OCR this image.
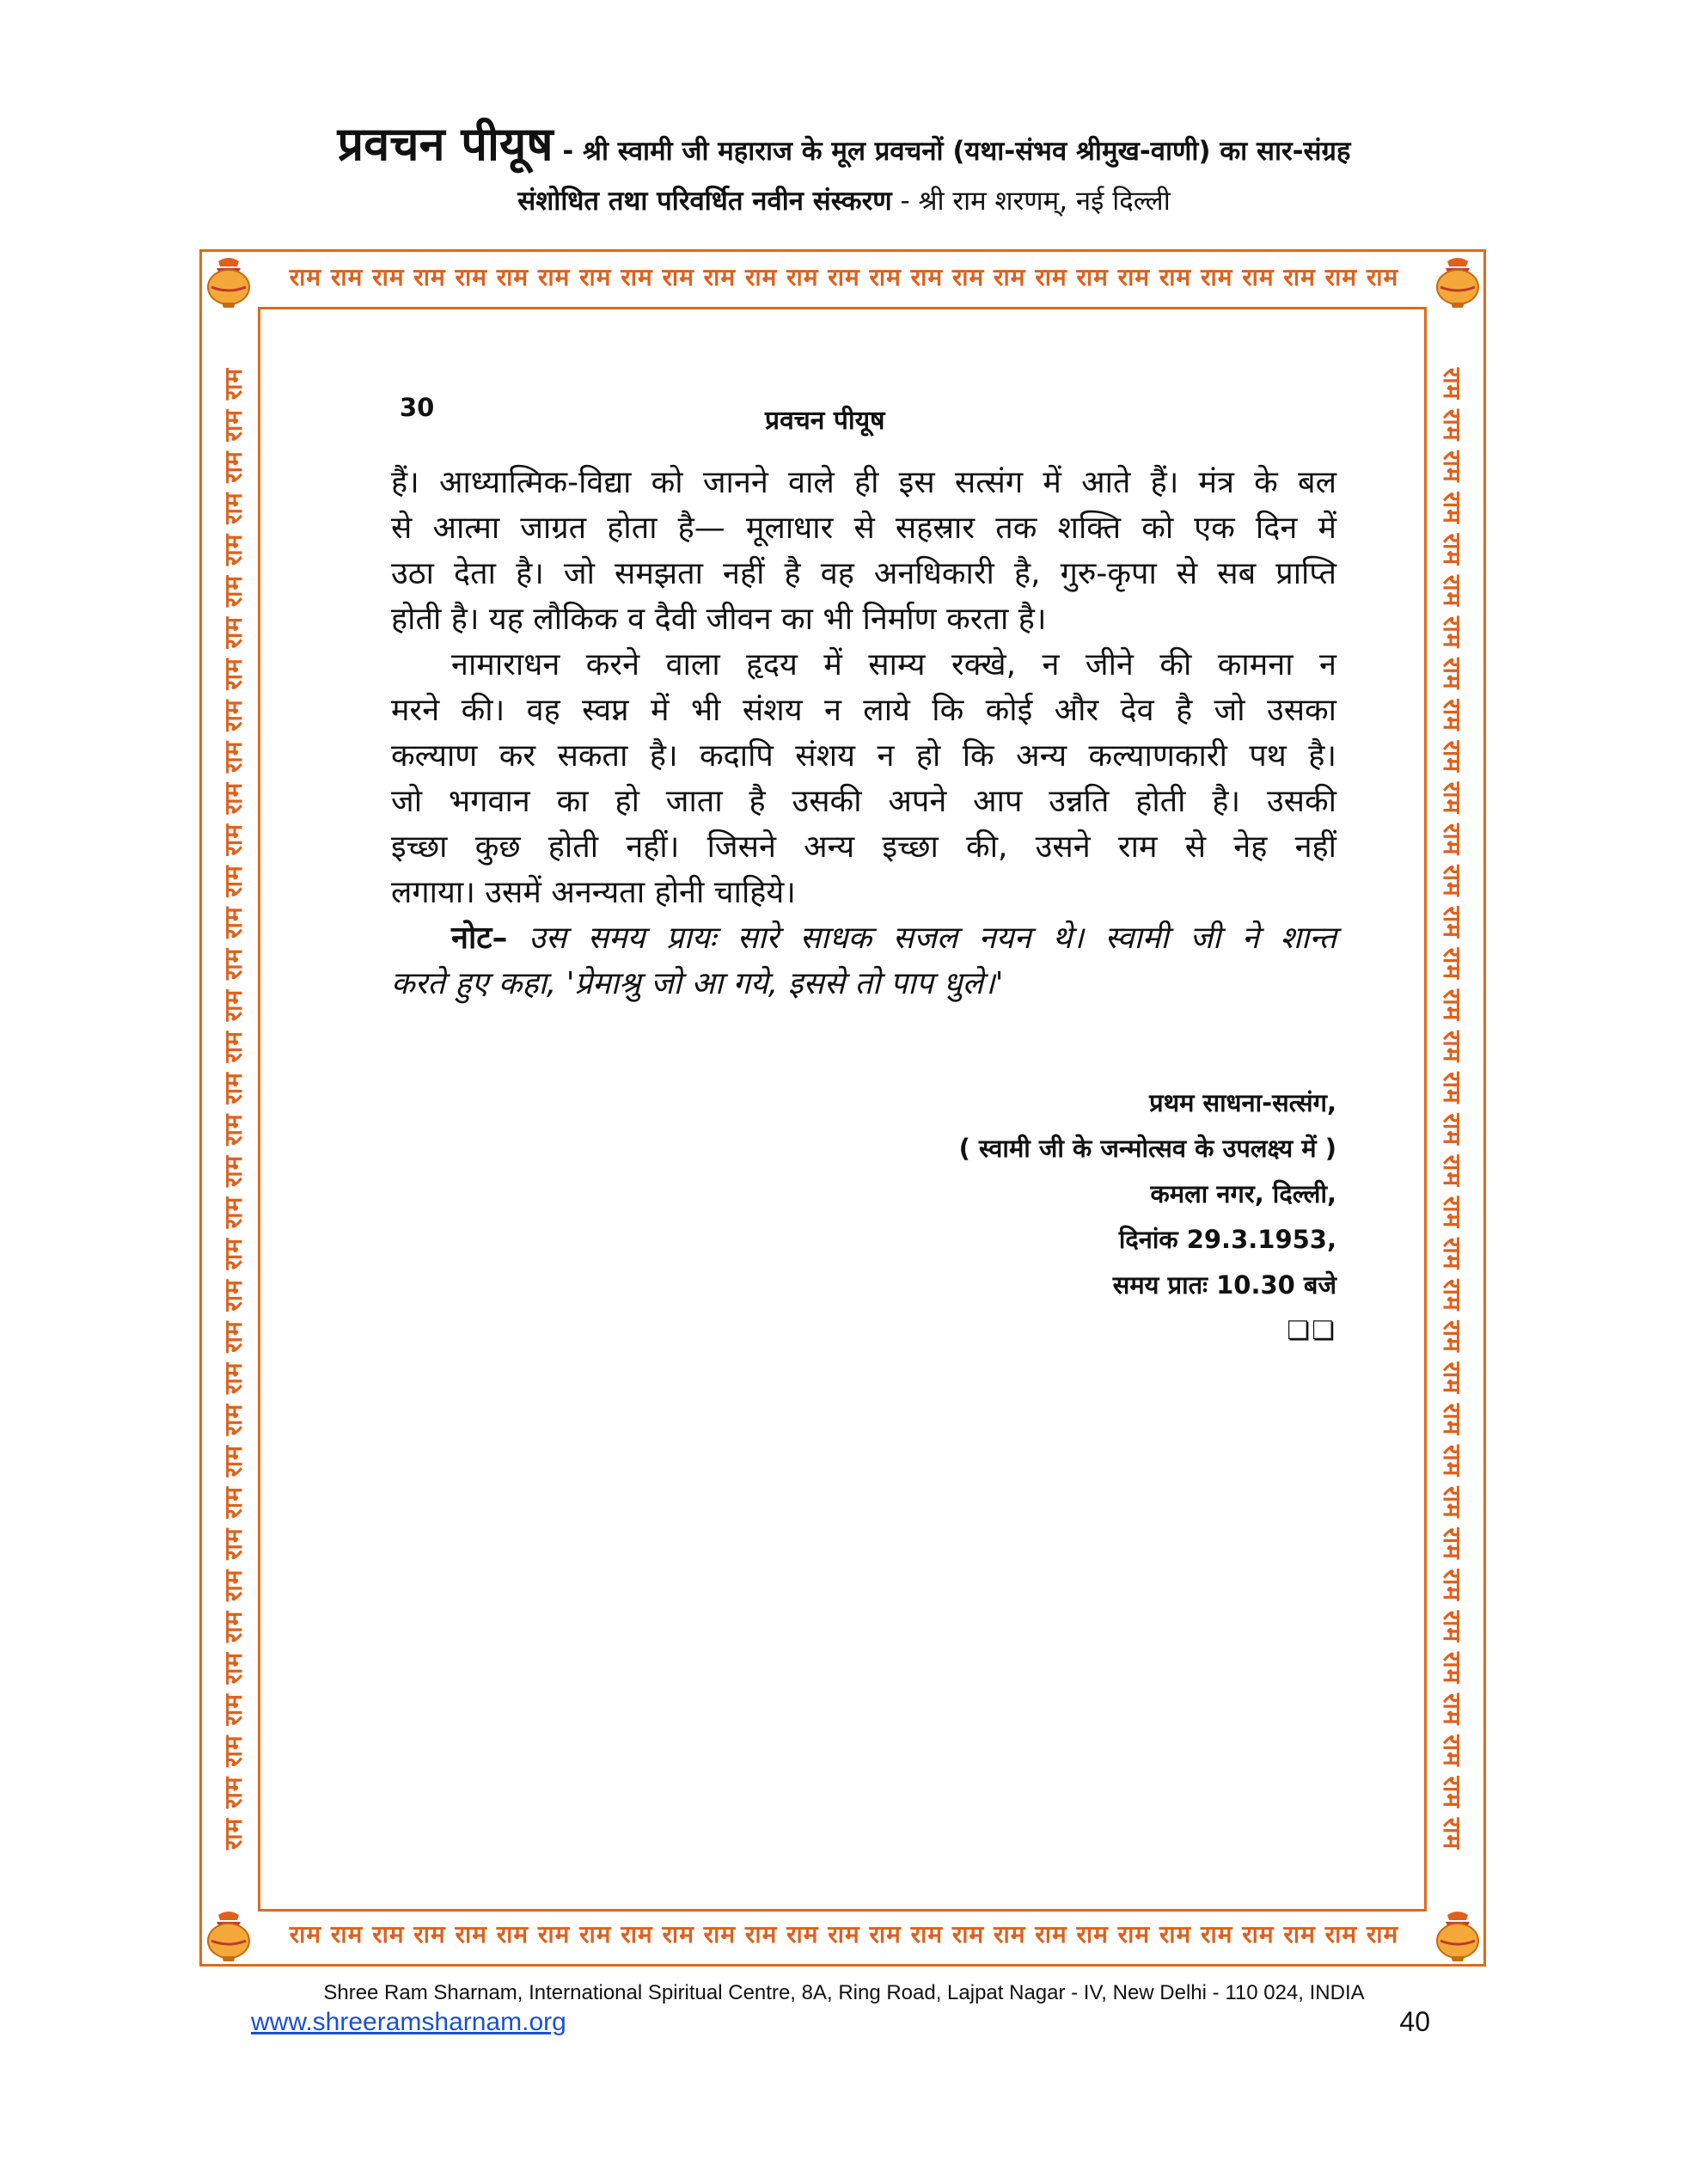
प्रवचन पीयूष - श्री स्वामी जी महाराज के मूल प्रवचनों (यथा-संभव श्रीमुख-वाणी) का सार-संग्रह
संशोधित तथा परिवर्धित नवीन संस्करण - श्री राम शरणम्, नई दिल्ली
राम राम राम राम राम राम राम राम राम राम राम राम राम राम राम राम राम राम राम राम राम राम राम राम राम राम राम
राम राम राम राम राम राम राम राम राम राम राम राम राम राम राम राम राम राम राम राम राम राम राम राम राम राम राम
राम राम राम राम राम राम राम राम राम राम राम राम राम राम राम राम राम राम राम राम राम राम राम राम राम राम राम राम राम राम राम राम राम राम राम राम	राम राम राम राम राम राम राम राम राम राम राम राम राम राम राम राम राम राम राम राम राम राम राम राम राम राम राम राम राम राम राम राम राम राम राम राम
30	प्रवचन पीयूष
हैं। आध्यात्मिक-विद्या को जानने वाले ही इस सत्संग में आते हैं। मंत्र के बल
से आत्मा जाग्रत होता है— मूलाधार से सहस्रार तक शक्ति को एक दिन में
उठा देता है। जो समझता नहीं है वह अनधिकारी है, गुरु-कृपा से सब प्राप्ति
होती है। यह लौकिक व दैवी जीवन का भी निर्माण करता है।
नामाराधन करने वाला हृदय में साम्य रक्खे, न जीने की कामना न
मरने की। वह स्वप्न में भी संशय न लाये कि कोई और देव है जो उसका
कल्याण कर सकता है। कदापि संशय न हो कि अन्य कल्याणकारी पथ है।
जो भगवान का हो जाता है उसकी अपने आप उन्नति होती है। उसकी
इच्छा कुछ होती नहीं। जिसने अन्य इच्छा की, उसने राम से नेह नहीं
लगाया। उसमें अनन्यता होनी चाहिये।
नोट– उस समय प्रायः सारे साधक सजल नयन थे। स्वामी जी ने शान्त
करते हुए कहा, 'प्रेमाश्रु जो आ गये, इससे तो पाप धुले।'
प्रथम साधना-सत्संग,
( स्वामी जी के जन्मोत्सव के उपलक्ष्य में )
कमला नगर, दिल्ली,
दिनांक 29.3.1953,
समय प्रातः 10.30 बजे
❏❏
Shree Ram Sharnam, International Spiritual Centre, 8A, Ring Road, Lajpat Nagar - IV, New Delhi - 110 024, INDIA
www.shreeramsharnam.org	40
